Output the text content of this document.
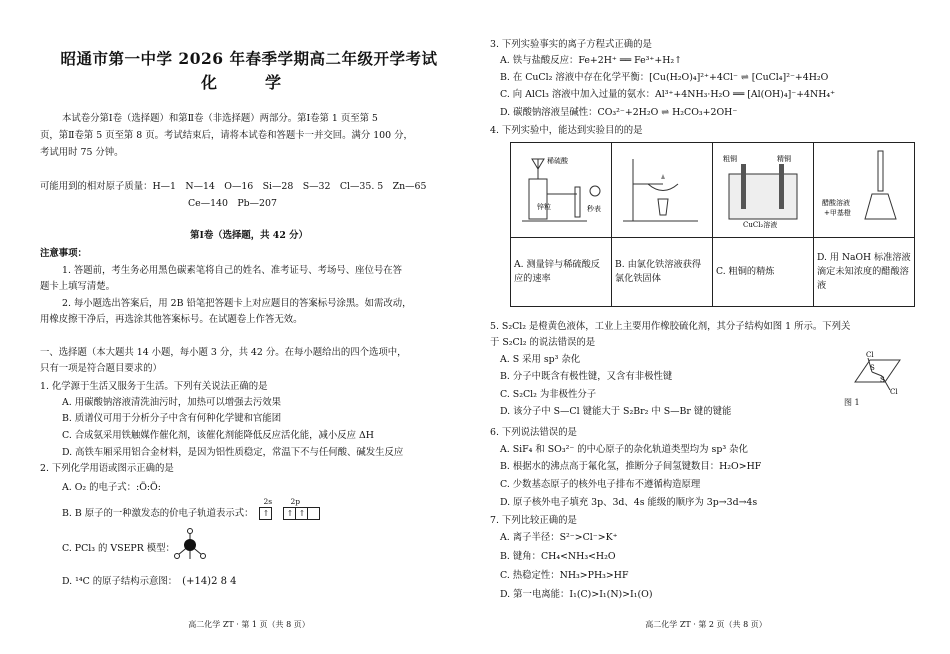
昭通市第一中学 2026 年春季学期高二年级开学考试
化　学
本试卷分第Ⅰ卷（选择题）和第Ⅱ卷（非选择题）两部分。第Ⅰ卷第 1 页至第 5
页，第Ⅱ卷第 5 页至第 8 页。考试结束后，请将本试卷和答题卡一并交回。满分 100 分，
考试用时 75 分钟。
可能用到的相对原子质量：H—1　N—14　O—16　Si—28　S—32　Cl—35. 5　Zn—65
Ce—140　Pb—207
第Ⅰ卷（选择题，共 42 分）
注意事项：
1. 答题前，考生务必用黑色碳素笔将自己的姓名、准考证号、考场号、座位号在答
题卡上填写清楚。
2. 每小题选出答案后，用 2B 铅笔把答题卡上对应题目的答案标号涂黑。如需改动，
用橡皮擦干净后，再选涂其他答案标号。在试题卷上作答无效。
一、选择题（本大题共 14 小题，每小题 3 分，共 42 分。在每小题给出的四个选项中，
只有一项是符合题目要求的）
1. 化学源于生活又服务于生活。下列有关说法正确的是
A. 用碳酸钠溶液清洗油污时，加热可以增强去污效果
B. 质谱仪可用于分析分子中含有何种化学键和官能团
C. 合成氨采用铁触媒作催化剂，该催化剂能降低反应活化能，减小反应 ΔH
D. 高铁车厢采用铝合金材料，是因为铝性质稳定，常温下不与任何酸、碱发生反应
2. 下列化学用语或图示正确的是
A. O₂ 的电子式：:Ö:Ö:
B. B 原子的一种激发态的价电子轨道表示式：
2s 2p
↑ ↑ ↑
C. PCl₃ 的 VSEPR 模型：
D. ¹⁴C 的原子结构示意图： (+14)2 8 4
高二化学 ZT · 第 1 页（共 8 页）
3. 下列实验事实的离子方程式正确的是
A. 铁与盐酸反应：Fe+2H⁺ ══ Fe³⁺+H₂↑
B. 在 CuCl₂ 溶液中存在化学平衡：[Cu(H₂O)₄]²⁺+4Cl⁻ ⇌ [CuCl₄]²⁻+4H₂O
C. 向 AlCl₃ 溶液中加入过量的氨水：Al³⁺+4NH₃·H₂O ══ [Al(OH)₄]⁻+4NH₄⁺
D. 碳酸钠溶液呈碱性：CO₃²⁻+2H₂O ⇌ H₂CO₃+2OH⁻
4. 下列实验中，能达到实验目的的是
稀硫酸
锌粒 秒表		粗铜 精铜
CuCl₂溶液	醋酸溶液
+甲基橙

A. 测量锌与稀硫酸反应的速率	B. 由氯化铁溶液获得氯化铁固体	C. 粗铜的精炼	D. 用 NaOH 标准溶液滴定未知浓度的醋酸溶液
5. S₂Cl₂ 是橙黄色液体，工业上主要用作橡胶硫化剂，其分子结构如图 1 所示。下列关
于 S₂Cl₂ 的说法错误的是
A. S 采用 sp³ 杂化
B. 分子中既含有极性键，又含有非极性键
C. S₂Cl₂ 为非极性分子
D. 该分子中 S—Cl 键能大于 S₂Br₂ 中 S—Br 键的键能
Cl
S
S
Cl
图 1
6. 下列说法错误的是
A. SiF₄ 和 SO₃²⁻ 的中心原子的杂化轨道类型均为 sp³ 杂化
B. 根据水的沸点高于氟化氢，推断分子间氢键数目：H₂O>HF
C. 少数基态原子的核外电子排布不遵循构造原理
D. 原子核外电子填充 3p、3d、4s 能级的顺序为 3p→3d→4s
7. 下列比较正确的是
A. 离子半径：S²⁻>Cl⁻>K⁺
B. 键角：CH₄<NH₃<H₂O
C. 热稳定性：NH₃>PH₃>HF
D. 第一电离能：I₁(C)>I₁(N)>I₁(O)
高二化学 ZT · 第 2 页（共 8 页）
